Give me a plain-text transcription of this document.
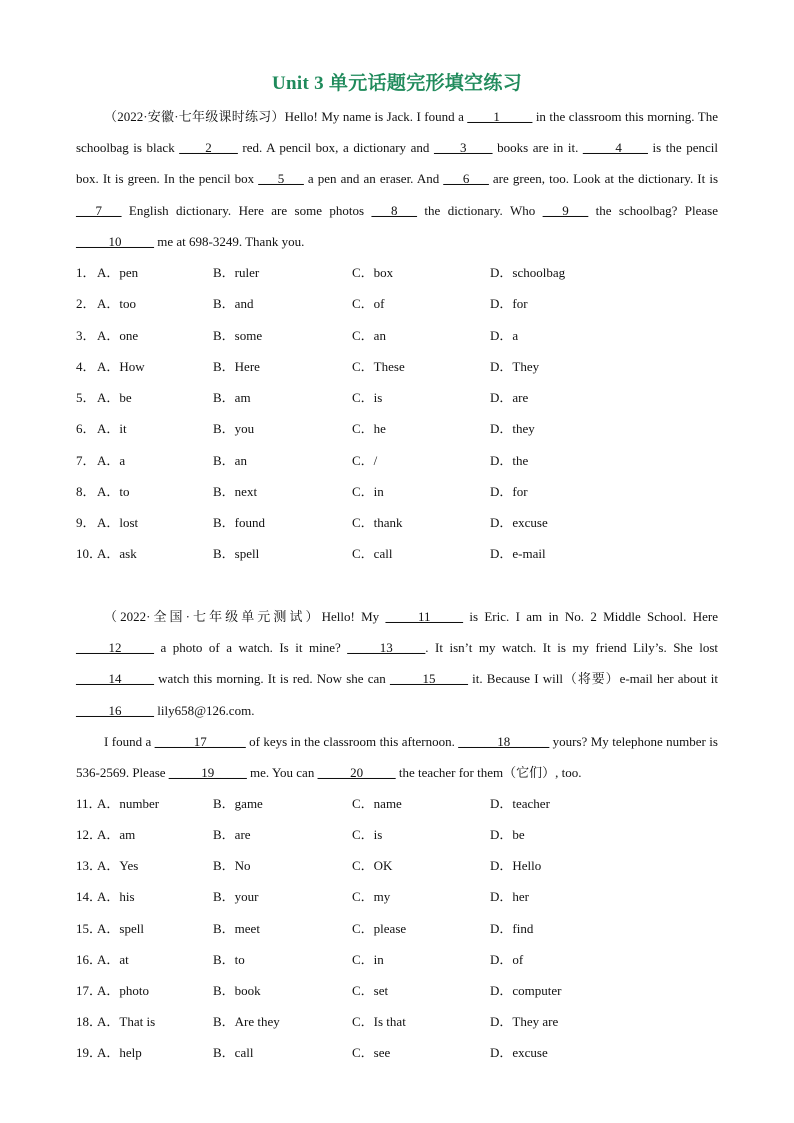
Unit 3 单元话题完形填空练习

（2022·安徽·七年级课时练习）Hello! My name is Jack. I found a ____1_____ in the classroom this morning. The schoolbag is black ____2____ red. A pencil box, a dictionary and ____3____ books are in it. _____4____ is the pencil box. It is green. In the pencil box ___5___ a pen and an eraser. And ___6___ are green, too. Look at the dictionary. It is ___7___ English dictionary. Here are some photos ___8___ the dictionary. Who ___9___ the schoolbag? Please _____10_____ me at 698-3249. Thank you.

1． A．pen	B．ruler	C．box	D．schoolbag
2． A．too	B．and	C．of	D．for
3． A．one	B．some	C．an	D．a
4． A．How	B．Here	C．These	D．They
5． A．be	B．am	C．is	D．are
6． A．it	B．you	C．he	D．they
7． A．a	B．an	C．/	D．the
8． A．to	B．next	C．in	D．for
9． A．lost	B．found	C．thank	D．excuse
10．
A．ask	B．spell	C．call	D．e-mail

（2022·全国·七年级单元测试）Hello! My _____11_____ is Eric. I am in No. 2 Middle School. Here _____12_____ a photo of a watch. Is it mine? _____13_____. It isn’t my watch. It is my friend Lily’s. She lost _____14_____ watch this morning. It is red. Now she can _____15_____ it. Because I will（将要）e-mail her about it _____16_____ lily658@126.com.

I found a ______17______ of keys in the classroom this afternoon. ______18______ yours? My telephone number is 536-2569. Please _____19_____ me. You can _____20_____ the teacher for them（它们）, too.

11．
A．number	B．game	C．name	D．teacher
12．
A．am	B．are	C．is	D．be
13．
A．Yes	B．No	C．OK	D．Hello
14．
A．his	B．your	C．my	D．her
15．
A．spell	B．meet	C．please	D．find
16．
A．at	B．to	C．in	D．of
17．
A．photo	B．book	C．set	D．computer
18．
A．That is	B．Are they	C．Is that	D．They are
19．
A．help	B．call	C．see	D．excuse
